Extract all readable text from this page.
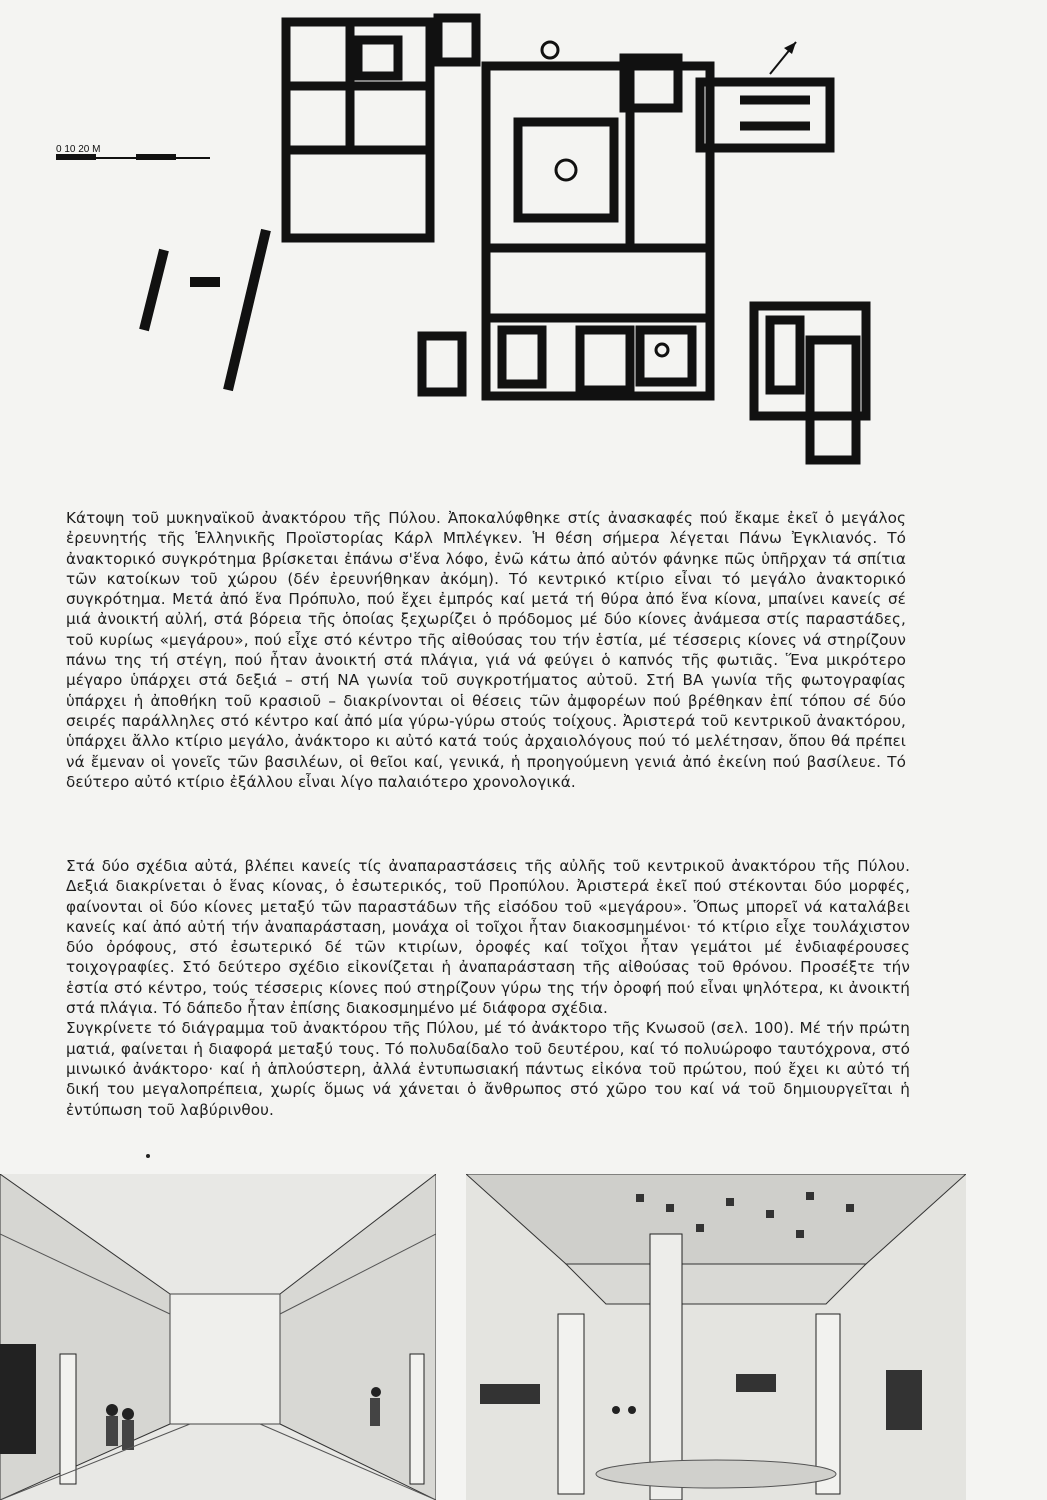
0 10 20 M

Κάτοψη τοῦ μυκηναϊκοῦ ἀνακτόρου τῆς Πύλου. Ἀποκαλύφθηκε στίς ἀνασκαφές πού ἔκαμε ἐκεῖ ὁ μεγάλος ἐρευνητής τῆς Ἑλληνικῆς Προϊστορίας Κάρλ Μπλέγκεν. Ἡ θέση σήμερα λέγεται Πάνω Ἐγκλιανός. Τό ἀνακτορικό συγκρότημα βρίσκεται ἐπάνω σ'ἕνα λόφο, ἐνῶ κάτω ἀπό αὐτόν φάνηκε πῶς ὑπῆρχαν τά σπίτια τῶν κατοίκων τοῦ χώρου (δέν ἐρευνήθηκαν ἀκόμη). Τό κεντρικό κτίριο εἶναι τό μεγάλο ἀνακτορικό συγκρότημα. Μετά ἀπό ἕνα Πρόπυλο, πού ἔχει ἐμπρός καί μετά τή θύρα ἀπό ἕνα κίονα, μπαίνει κανείς σέ μιά ἀνοικτή αὐλή, στά βόρεια τῆς ὁποίας ξεχωρίζει ὁ πρόδομος μέ δύο κίονες ἀνάμεσα στίς παραστάδες, τοῦ κυρίως «μεγάρου», πού εἶχε στό κέντρο τῆς αἰθούσας του τήν ἑστία, μέ τέσσερις κίονες νά στηρίζουν πάνω της τή στέγη, πού ἦταν ἀνοικτή στά πλάγια, γιά νά φεύγει ὁ καπνός τῆς φωτιᾶς. Ἕνα μικρότερο μέγαρο ὑπάρχει στά δεξιά – στή ΝΑ γωνία τοῦ συγκροτήματος αὐτοῦ. Στή ΒΑ γωνία τῆς φωτογραφίας ὑπάρχει ἡ ἀποθήκη τοῦ κρασιοῦ – διακρίνονται οἱ θέσεις τῶν ἀμφορέων πού βρέθηκαν ἐπί τόπου σέ δύο σειρές παράλληλες στό κέντρο καί ἀπό μία γύρω-γύρω στούς τοίχους. Ἀριστερά τοῦ κεντρικοῦ ἀνακτόρου, ὑπάρχει ἄλλο κτίριο μεγάλο, ἀνάκτορο κι αὐτό κατά τούς ἀρχαιολόγους πού τό μελέτησαν, ὅπου θά πρέπει νά ἔμεναν οἱ γονεῖς τῶν βασιλέων, οἱ θεῖοι καί, γενικά, ἡ προηγούμενη γενιά ἀπό ἐκείνη πού βασίλευε. Τό δεύτερο αὐτό κτίριο ἐξάλλου εἶναι λίγο παλαιότερο χρονολογικά.

Στά δύο σχέδια αὐτά, βλέπει κανείς τίς ἀναπαραστάσεις τῆς αὐλῆς τοῦ κεντρικοῦ ἀνακτόρου τῆς Πύλου. Δεξιά διακρίνεται ὁ ἕνας κίονας, ὁ ἐσωτερικός, τοῦ Προπύλου. Ἀριστερά ἐκεῖ πού στέκονται δύο μορφές, φαίνονται οἱ δύο κίονες μεταξύ τῶν παραστάδων τῆς εἰσόδου τοῦ «μεγάρου». Ὅπως μπορεῖ νά καταλάβει κανείς καί ἀπό αὐτή τήν ἀναπαράσταση, μονάχα οἱ τοῖχοι ἦταν διακοσμημένοι· τό κτίριο εἶχε τουλάχιστον δύο ὀρόφους, στό ἐσωτερικό δέ τῶν κτιρίων, ὀροφές καί τοῖχοι ἦταν γεμάτοι μέ ἐνδιαφέρουσες τοιχογραφίες. Στό δεύτερο σχέδιο εἰκονίζεται ἡ ἀναπαράσταση τῆς αἰθούσας τοῦ θρόνου. Προσέξτε τήν ἑστία στό κέντρο, τούς τέσσερις κίονες πού στηρίζουν γύρω της τήν ὀροφή πού εἶναι ψηλότερα, κι ἀνοικτή στά πλάγια. Τό δάπεδο ἦταν ἐπίσης διακοσμημένο μέ διάφορα σχέδια.

Συγκρίνετε τό διάγραμμα τοῦ ἀνακτόρου τῆς Πύλου, μέ τό ἀνάκτορο τῆς Κνωσοῦ (σελ. 100). Μέ τήν πρώτη ματιά, φαίνεται ἡ διαφορά μεταξύ τους. Τό πολυδαίδαλο τοῦ δευτέρου, καί τό πολυώροφο ταυτόχρονα, στό μινωικό ἀνάκτορο· καί ἡ ἁπλούστερη, ἀλλά ἐντυπωσιακή πάντως εἰκόνα τοῦ πρώτου, πού ἔχει κι αὐτό τή δική του μεγαλοπρέπεια, χωρίς ὅμως νά χάνεται ὁ ἄνθρωπος στό χῶρο του καί νά τοῦ δημιουργεῖται ἡ ἐντύπωση τοῦ λαβύρινθου.
